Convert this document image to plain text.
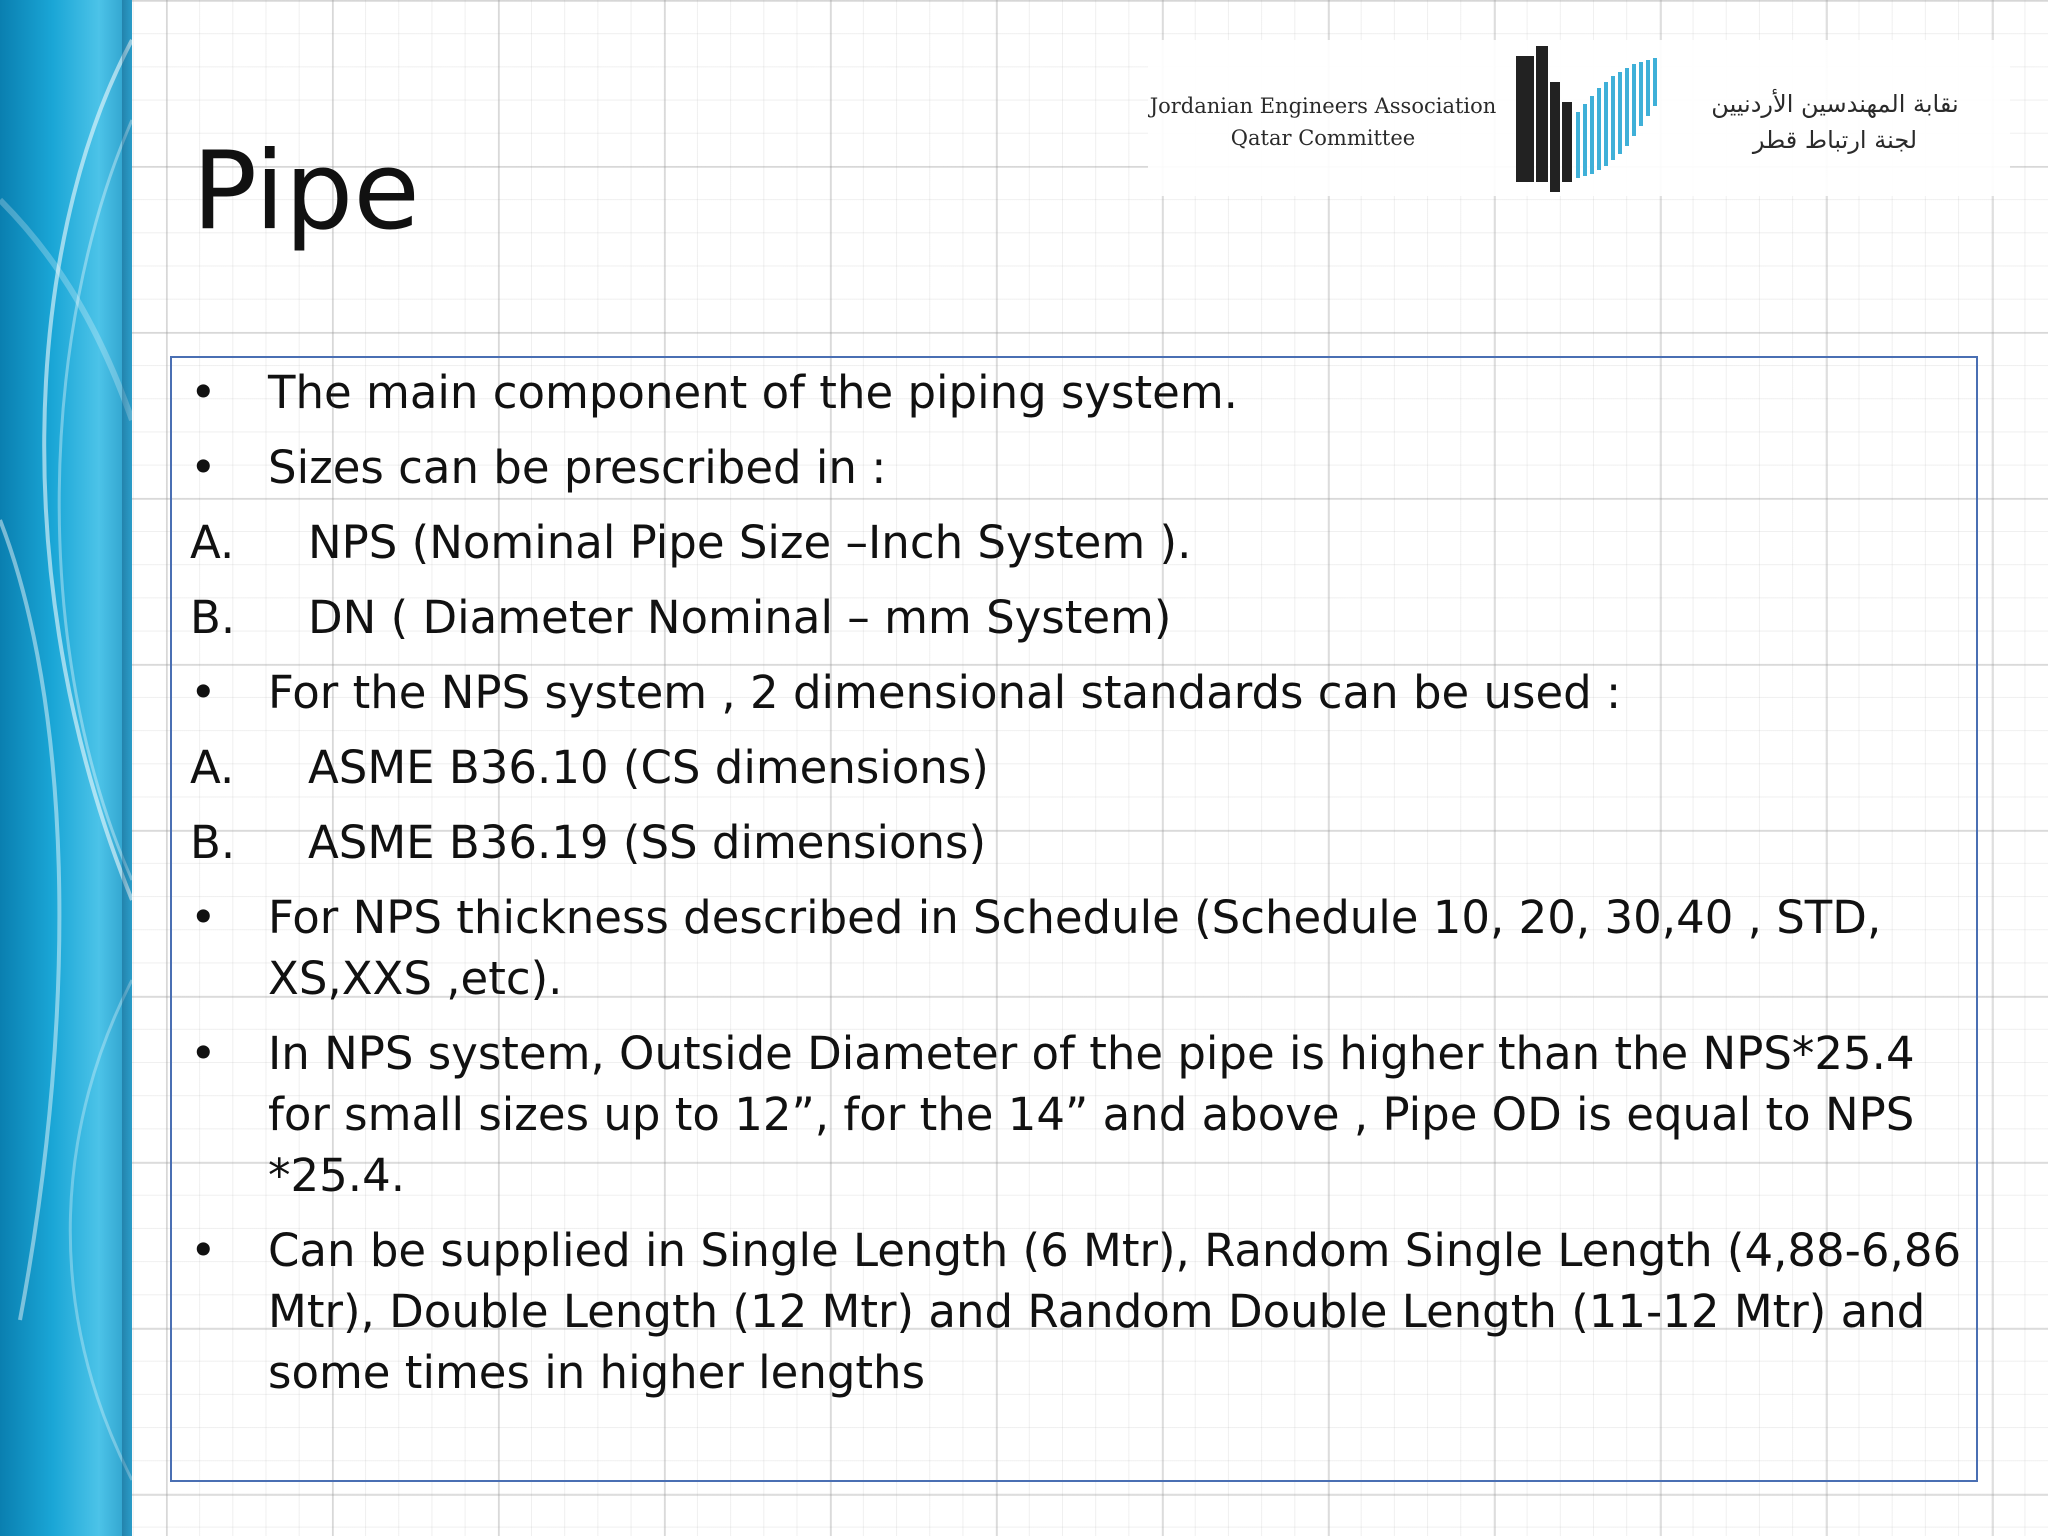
Jordanian Engineers Association
Qatar Committee
نقابة المهندسين الأردنيين
لجنة ارتباط قطر
Pipe
• The main component of the piping system.
• Sizes can be prescribed in :
A. NPS (Nominal Pipe Size –Inch System ).
B. DN ( Diameter Nominal – mm System)
• For the NPS system , 2 dimensional standards can be used :
A. ASME B36.10 (CS dimensions)
B. ASME B36.19 (SS dimensions)
• For NPS thickness described in Schedule (Schedule 10, 20, 30,40 , STD, XS,XXS ,etc).
• In NPS system, Outside Diameter of the pipe is higher than the NPS*25.4 for small sizes up to 12”, for the 14” and above , Pipe OD is equal to NPS *25.4.
• Can be supplied in Single Length (6 Mtr), Random Single Length (4,88-6,86 Mtr), Double Length (12 Mtr) and Random Double Length (11-12 Mtr) and some times in higher lengths
